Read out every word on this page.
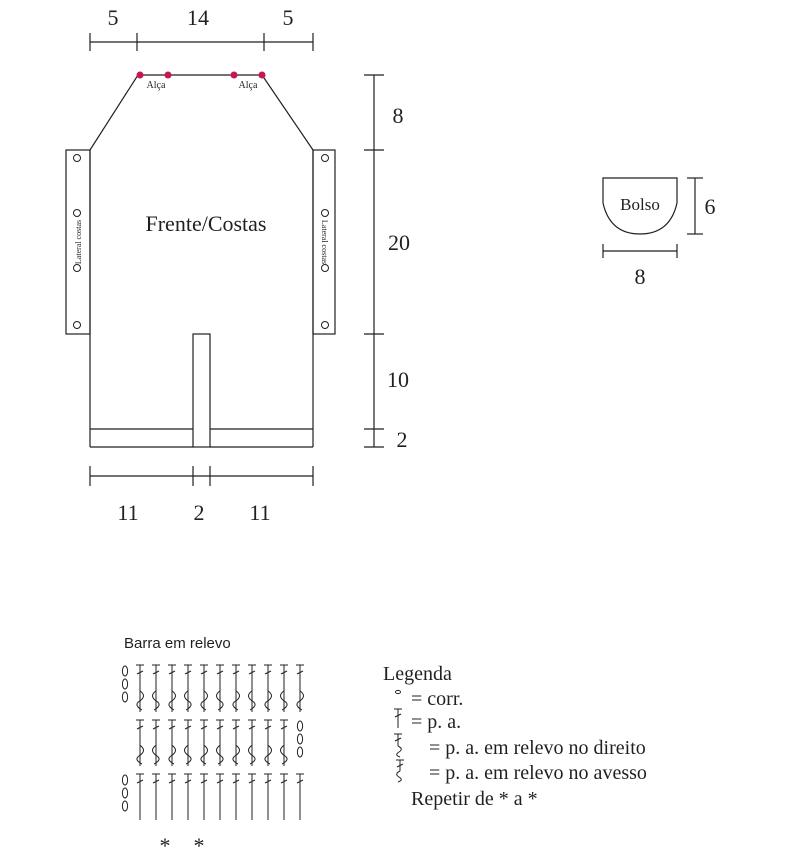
5	14	5
Lateral costas	Lateral costas
Alça	Alça
Frente/Costas
8
20
10
2
11 2 11
Bolso 6
8
Barra em relevo
* *
Legenda
= corr.
= p. a.
= p. a. em relevo no direito
= p. a. em relevo no avesso
Repetir de * a *
